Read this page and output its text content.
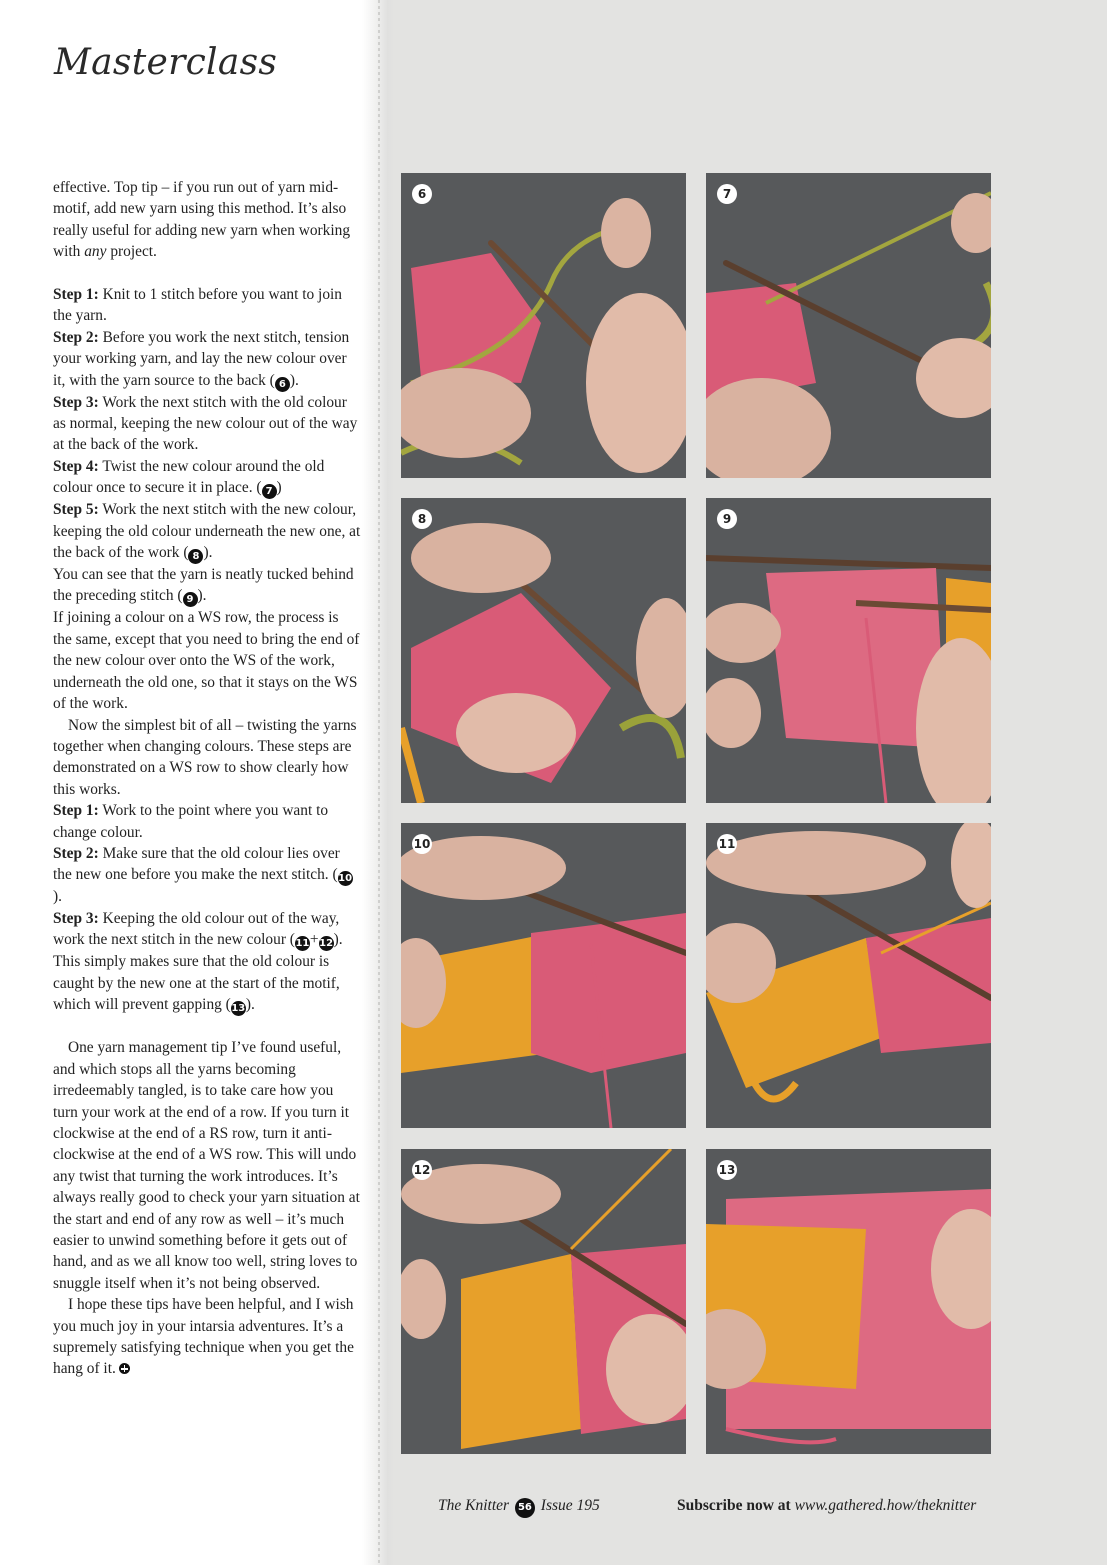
Masterclass

effective. Top tip – if you run out of yarn mid-motif, add new yarn using this method. It’s also really useful for adding new yarn when working with any project.

Step 1: Knit to 1 stitch before you want to join the yarn.

Step 2: Before you work the next stitch, tension your working yarn, and lay the new colour over it, with the yarn source to the back ( 6 ).

Step 3: Work the next stitch with the old colour as normal, keeping the new colour out of the way at the back of the work.

Step 4: Twist the new colour around the old colour once to secure it in place. ( 7 )

Step 5: Work the next stitch with the new colour, keeping the old colour underneath the new one, at the back of the work ( 8 ).

You can see that the yarn is neatly tucked behind the preceding stitch ( 9 ).

If joining a colour on a WS row, the process is the same, except that you need to bring the end of the new colour over onto the WS of the work, underneath the old one, so that it stays on the WS of the work.

Now the simplest bit of all – twisting the yarns together when changing colours. These steps are demonstrated on a WS row to show clearly how this works.

Step 1: Work to the point where you want to change colour.

Step 2: Make sure that the old colour lies over the new one before you make the next stitch. (10).

Step 3: Keeping the old colour out of the way, work the next stitch in the new colour (11+12).

This simply makes sure that the old colour is caught by the new one at the start of the motif, which will prevent gapping (13).

One yarn management tip I’ve found useful, and which stops all the yarns becoming irredeemably tangled, is to take care how you turn your work at the end of a row. If you turn it clockwise at the end of a RS row, turn it anti-clockwise at the end of a WS row. This will undo any twist that turning the work introduces. It’s always really good to check your yarn situation at the start and end of any row as well – it’s much easier to unwind something before it gets out of hand, and as we all know too well, string loves to snuggle itself when it’s not being observed.

I hope these tips have been helpful, and I wish you much joy in your intarsia adventures. It’s a supremely satisfying technique when you get the hang of it.

6	7
8	9
10	11
12	13
The Knitter 56 Issue 195	Subscribe now at www.gathered.how/theknitter
